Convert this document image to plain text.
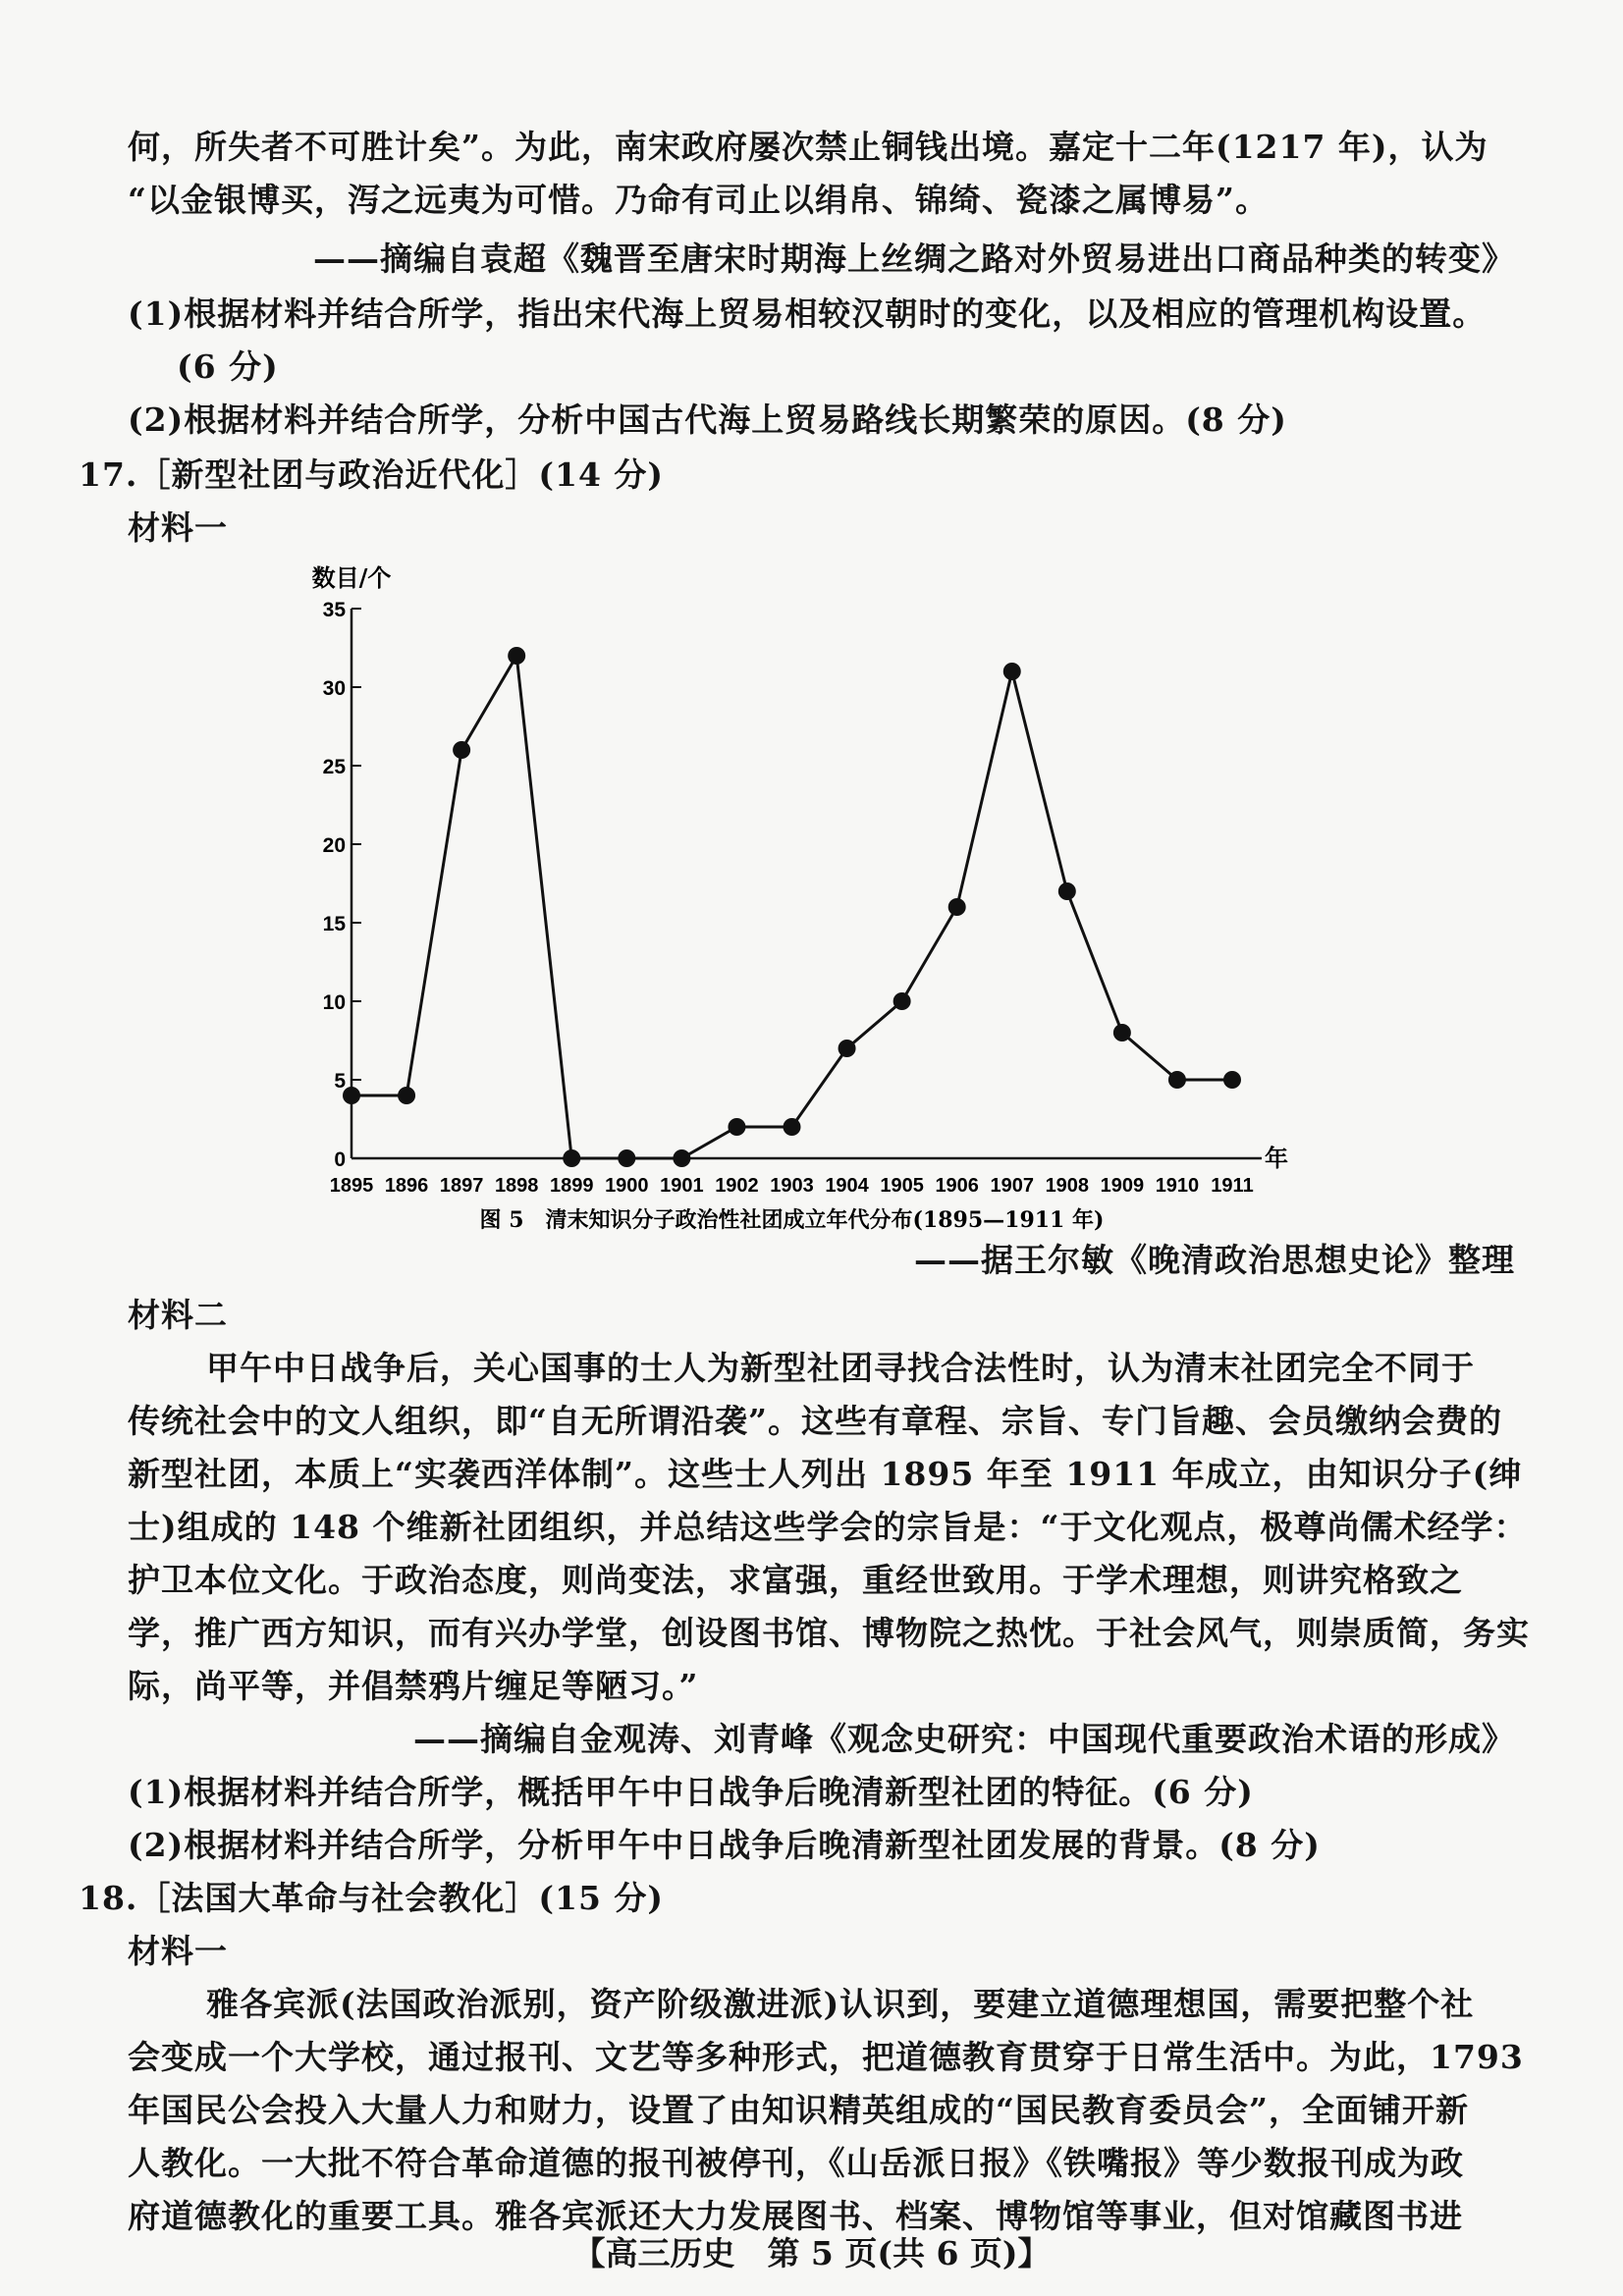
何，所失者不可胜计矣”。为此，南宋政府屡次禁止铜钱出境。嘉定十二年(1217 年)，认为
“以金银博买，泻之远夷为可惜。乃命有司止以绢帛、锦绮、瓷漆之属博易”。
——摘编自袁超《魏晋至唐宋时期海上丝绸之路对外贸易进出口商品种类的转变》
(1)根据材料并结合所学，指出宋代海上贸易相较汉朝时的变化，以及相应的管理机构设置。
(6 分)
(2)根据材料并结合所学，分析中国古代海上贸易路线长期繁荣的原因。(8 分)
17.［新型社团与政治近代化］(14 分)
材料一
数目/个
年
0
5
10
15
20
25
30
35
1895 1896 1897 1898 1899 1900 1901 1902 1903 1904 1905 1906 1907 1908 1909 1910 1911
图 5　清末知识分子政治性社团成立年代分布(1895—1911 年)
——据王尔敏《晚清政治思想史论》整理
材料二
甲午中日战争后，关心国事的士人为新型社团寻找合法性时，认为清末社团完全不同于
传统社会中的文人组织，即“自无所谓沿袭”。这些有章程、宗旨、专门旨趣、会员缴纳会费的
新型社团，本质上“实袭西洋体制”。这些士人列出 1895 年至 1911 年成立，由知识分子(绅
士)组成的 148 个维新社团组织，并总结这些学会的宗旨是：“于文化观点，极尊尚儒术经学：
护卫本位文化。于政治态度，则尚变法，求富强，重经世致用。于学术理想，则讲究格致之
学，推广西方知识，而有兴办学堂，创设图书馆、博物院之热忱。于社会风气，则崇质简，务实
际，尚平等，并倡禁鸦片缠足等陋习。”
——摘编自金观涛、刘青峰《观念史研究：中国现代重要政治术语的形成》
(1)根据材料并结合所学，概括甲午中日战争后晚清新型社团的特征。(6 分)
(2)根据材料并结合所学，分析甲午中日战争后晚清新型社团发展的背景。(8 分)
18.［法国大革命与社会教化］(15 分)
材料一
雅各宾派(法国政治派别，资产阶级激进派)认识到，要建立道德理想国，需要把整个社
会变成一个大学校，通过报刊、文艺等多种形式，把道德教育贯穿于日常生活中。为此，1793
年国民公会投入大量人力和财力，设置了由知识精英组成的“国民教育委员会”，全面铺开新
人教化。一大批不符合革命道德的报刊被停刊，《山岳派日报》《铁嘴报》等少数报刊成为政
府道德教化的重要工具。雅各宾派还大力发展图书、档案、博物馆等事业，但对馆藏图书进
【高三历史　第 5 页(共 6 页)】
